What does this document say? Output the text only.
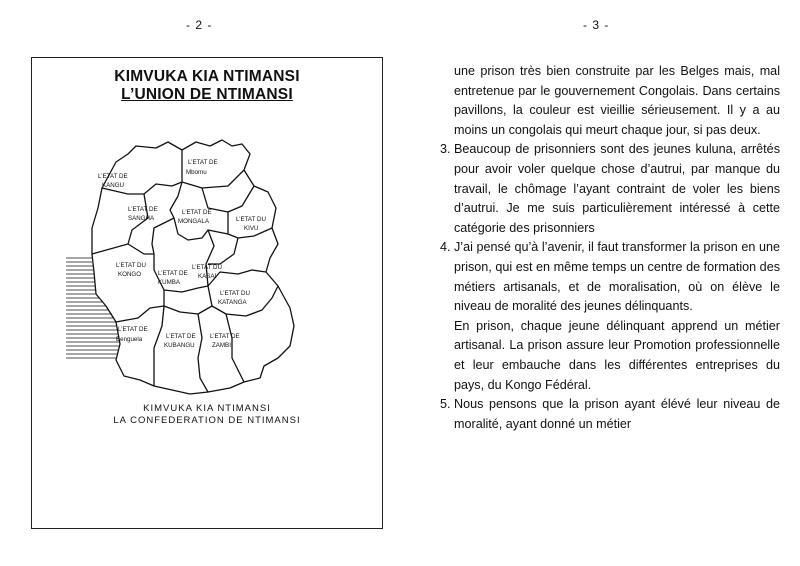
- 2 -	- 3 -
KIMVUKA KIA NTIMANSI
L’UNION DE NTIMANSI
L’ETAT DE KANGU
L’ETAT DE Mbomu
L’ETAT DE SANGHA
L’ETAT DE MONGALA	L’ETAT DU KIVU
L’ETAT DU KONGO	L’ETAT DE KUMBA
L’ETAT DU KASAI
L’ETAT DU KATANGA
L’ETAT DE Benguela	L’ETAT DE KUBANGU
L’ETAT DE ZAMBI
KIMVUKA KIA NTIMANSI
LA CONFEDERATION DE NTIMANSI

une prison très bien construite par les Belges mais, mal entretenue par le gouvernement Congolais. Dans certains pavillons, la couleur est vieillie sérieusement. Il y a au moins un congolais qui meurt chaque jour, si pas deux.

3. Beaucoup de prisonniers sont des jeunes kuluna, arrêtés pour avoir voler quelque chose d’autrui, par manque du travail, le chômage l’ayant contraint de voler les biens d’autrui. Je me suis particulièrement intéressé à cette catégorie des prisonniers
4. J’ai pensé qu’à l’avenir, il faut transformer la prison en une prison, qui est en même temps un centre de formation des métiers artisanals, et de moralisation, où on élève le niveau de moralité des jeunes délinquants.

En prison, chaque jeune délinquant apprend un métier artisanal. La prison assure leur Promotion professionnelle et leur embauche dans les différentes entreprises du pays, du Kongo Fédéral.

5. Nous pensons que la prison ayant élévé leur niveau de moralité, ayant donné un métier
